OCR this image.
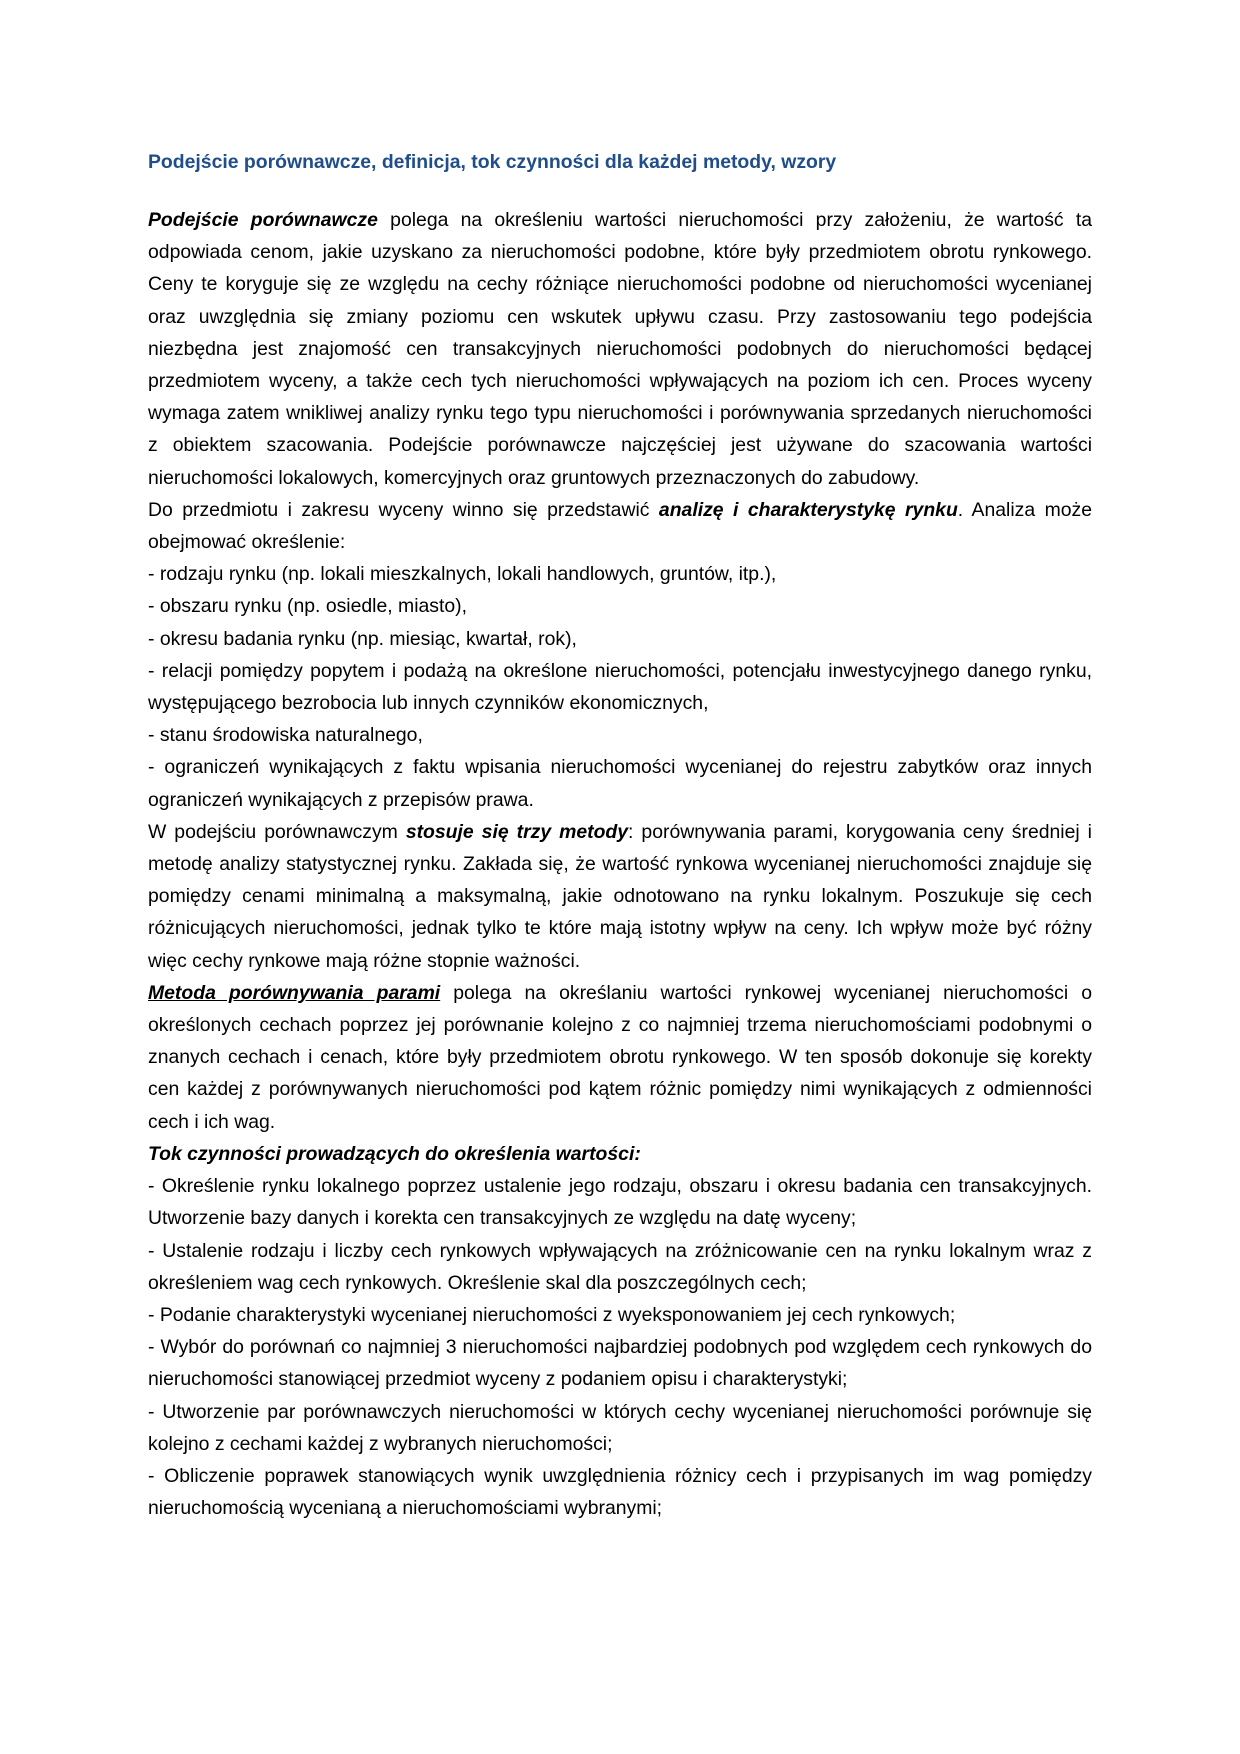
Podejście porównawcze, definicja, tok czynności dla każdej metody, wzory

Podejście porównawcze polega na określeniu wartości nieruchomości przy założeniu, że wartość ta odpowiada cenom, jakie uzyskano za nieruchomości podobne, które były przedmiotem obrotu rynkowego. Ceny te koryguje się ze względu na cechy różniące nieruchomości podobne od nieruchomości wycenianej oraz uwzględnia się zmiany poziomu cen wskutek upływu czasu. Przy zastosowaniu tego podejścia niezbędna jest znajomość cen transakcyjnych nieruchomości podobnych do nieruchomości będącej przedmiotem wyceny, a także cech tych nieruchomości wpływających na poziom ich cen. Proces wyceny wymaga zatem wnikliwej analizy rynku tego typu nieruchomości i porównywania sprzedanych nieruchomości z obiektem szacowania. Podejście porównawcze najczęściej jest używane do szacowania wartości nieruchomości lokalowych, komercyjnych oraz gruntowych przeznaczonych do zabudowy.

Do przedmiotu i zakresu wyceny winno się przedstawić analizę i charakterystykę rynku. Analiza może obejmować określenie:

- rodzaju rynku (np. lokali mieszkalnych, lokali handlowych, gruntów, itp.),

- obszaru rynku (np. osiedle, miasto),

- okresu badania rynku (np. miesiąc, kwartał, rok),

- relacji pomiędzy popytem i podażą na określone nieruchomości, potencjału inwestycyjnego danego rynku, występującego bezrobocia lub innych czynników ekonomicznych,

- stanu środowiska naturalnego,

- ograniczeń wynikających z faktu wpisania nieruchomości wycenianej do rejestru zabytków oraz innych ograniczeń wynikających z przepisów prawa.

W podejściu porównawczym stosuje się trzy metody: porównywania parami, korygowania ceny średniej i metodę analizy statystycznej rynku. Zakłada się, że wartość rynkowa wycenianej nieruchomości znajduje się pomiędzy cenami minimalną a maksymalną, jakie odnotowano na rynku lokalnym. Poszukuje się cech różnicujących nieruchomości, jednak tylko te które mają istotny wpływ na ceny. Ich wpływ może być różny więc cechy rynkowe mają różne stopnie ważności.

Metoda porównywania parami polega na określaniu wartości rynkowej wycenianej nieruchomości o określonych cechach poprzez jej porównanie kolejno z co najmniej trzema nieruchomościami podobnymi o znanych cechach i cenach, które były przedmiotem obrotu rynkowego. W ten sposób dokonuje się korekty cen każdej z porównywanych nieruchomości pod kątem różnic pomiędzy nimi wynikających z odmienności cech i ich wag.

Tok czynności prowadzących do określenia wartości:

- Określenie rynku lokalnego poprzez ustalenie jego rodzaju, obszaru i okresu badania cen transakcyjnych. Utworzenie bazy danych i korekta cen transakcyjnych ze względu na datę wyceny;

- Ustalenie rodzaju i liczby cech rynkowych wpływających na zróżnicowanie cen na rynku lokalnym wraz z określeniem wag cech rynkowych. Określenie skal dla poszczególnych cech;

- Podanie charakterystyki wycenianej nieruchomości z wyeksponowaniem jej cech rynkowych;

- Wybór do porównań co najmniej 3 nieruchomości najbardziej podobnych pod względem cech rynkowych do nieruchomości stanowiącej przedmiot wyceny z podaniem opisu i charakterystyki;

- Utworzenie par porównawczych nieruchomości w których cechy wycenianej nieruchomości porównuje się kolejno z cechami każdej z wybranych nieruchomości;

- Obliczenie poprawek stanowiących wynik uwzględnienia różnicy cech i przypisanych im wag pomiędzy nieruchomością wycenianą a nieruchomościami wybranymi;
